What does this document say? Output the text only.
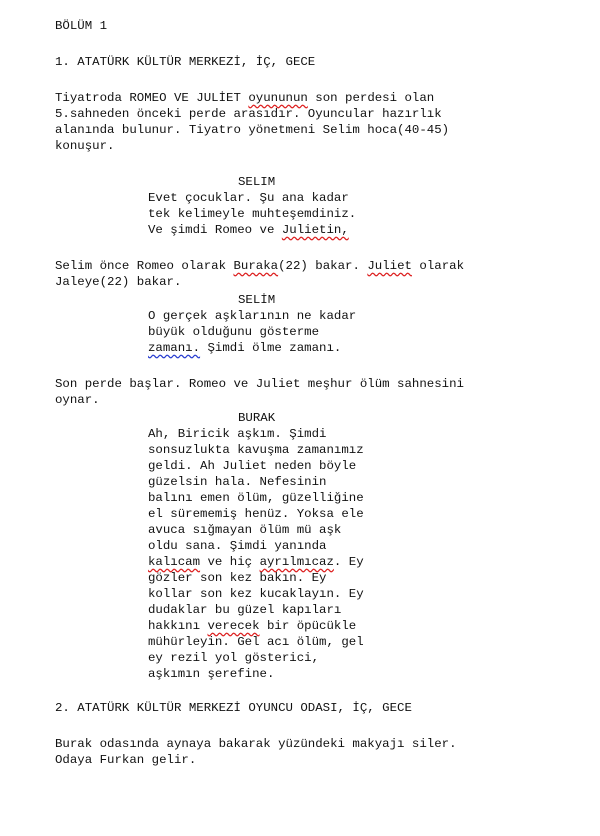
BÖLÜM 1
1. ATATÜRK KÜLTÜR MERKEZİ, İÇ, GECE
Tiyatroda ROMEO VE JULİET oyununun son perdesi olan
5.sahneden önceki perde arasıdır. Oyuncular hazırlık
alanında bulunur. Tiyatro yönetmeni Selim hoca(40-45)
konuşur.
SELIM
Evet çocuklar. Şu ana kadar
tek kelimeyle muhteşemdiniz.
Ve şimdi Romeo ve Julietin,
Selim önce Romeo olarak Buraka(22) bakar. Juliet olarak
Jaleye(22) bakar.
SELİM
O gerçek aşklarının ne kadar
büyük olduğunu gösterme
zamanı. Şimdi ölme zamanı.
Son perde başlar. Romeo ve Juliet meşhur ölüm sahnesini
oynar.
BURAK
Ah, Biricik aşkım. Şimdi
sonsuzlukta kavuşma zamanımız
geldi. Ah Juliet neden böyle
güzelsin hala. Nefesinin
balını emen ölüm, güzelliğine
el sürememiş henüz. Yoksa ele
avuca sığmayan ölüm mü aşk
oldu sana. Şimdi yanında
kalıcam ve hiç ayrılmıcaz. Ey
gözler son kez bakın. Ey
kollar son kez kucaklayın. Ey
dudaklar bu güzel kapıları
hakkını verecek bir öpücükle
mühürleyin. Gel acı ölüm, gel
ey rezil yol gösterici,
aşkımın şerefine.
2. ATATÜRK KÜLTÜR MERKEZİ OYUNCU ODASI, İÇ, GECE
Burak odasında aynaya bakarak yüzündeki makyajı siler.
Odaya Furkan gelir.
